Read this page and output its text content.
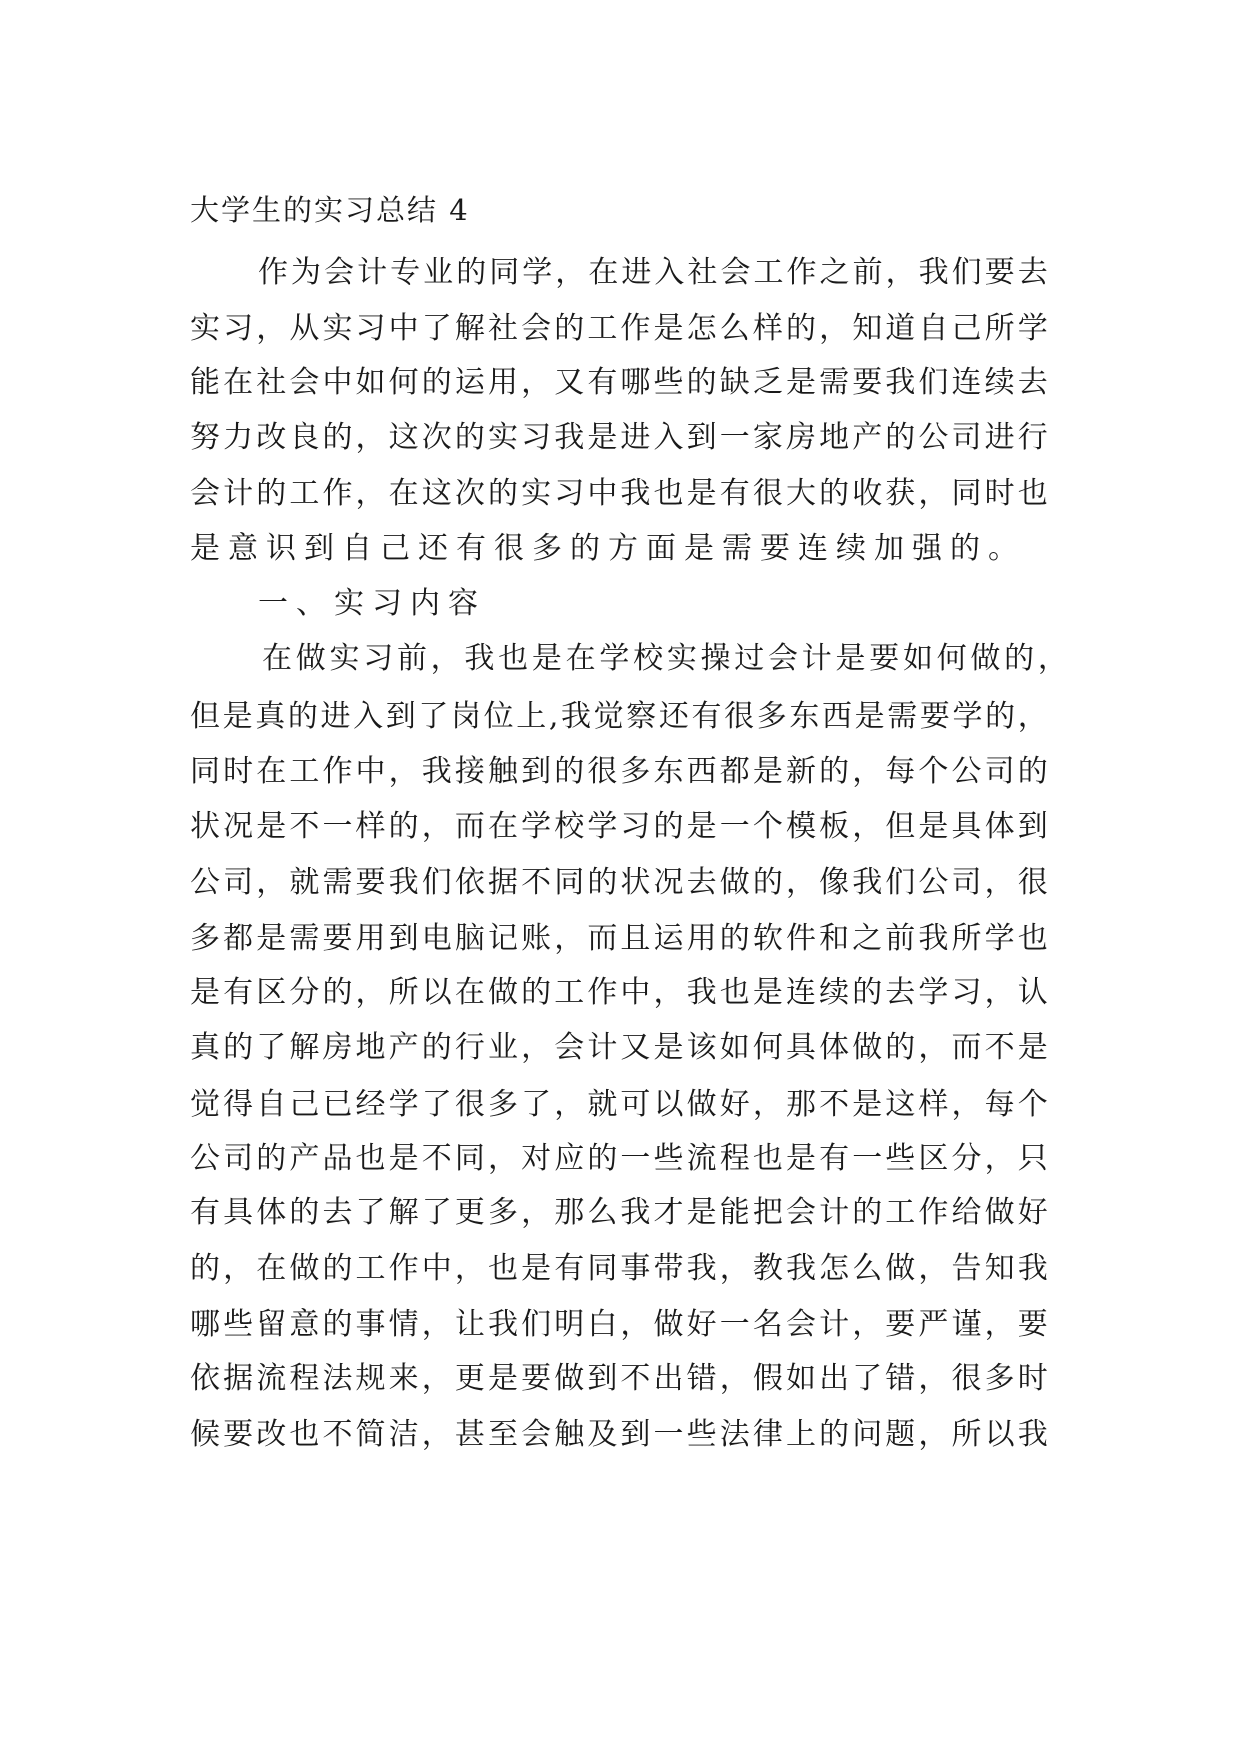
大学生的实习总结 4
作 为 会 计 专 业 的 同 学 ， 在 进 入 社 会 工 作 之 前 ， 我 们 要 去
实 习 ， 从 实 习 中 了 解 社 会 的 工 作 是 怎 么 样 的 ， 知 道 自 己 所 学
能 在 社 会 中 如 何 的 运 用 ， 又 有 哪 些 的 缺 乏 是 需 要 我 们 连 续 去
努 力 改 良 的 ， 这 次 的 实 习 我 是 进 入 到 一 家 房 地 产 的 公 司 进 行
会 计 的 工 作 ， 在 这 次 的 实 习 中 我 也 是 有 很 大 的 收 获 ， 同 时 也
是意识到自己还有很多的方面是需要连续加强的。
一、实习内容
在 做 实 习 前 ， 我 也 是 在 学 校 实 操 过 会 计 是 要 如 何 做 的 ，
但 是 真 的 进 入 到 了 岗 位 上 , 我 觉 察 还 有 很 多 东 西 是 需 要 学 的 ，
同 时 在 工 作 中 ， 我 接 触 到 的 很 多 东 西 都 是 新 的 ， 每 个 公 司 的
状 况 是 不 一 样 的 ， 而 在 学 校 学 习 的 是 一 个 模 板 ， 但 是 具 体 到
公 司 ， 就 需 要 我 们 依 据 不 同 的 状 况 去 做 的 ， 像 我 们 公 司 ， 很
多 都 是 需 要 用 到 电 脑 记 账 ， 而 且 运 用 的 软 件 和 之 前 我 所 学 也
是 有 区 分 的 ， 所 以 在 做 的 工 作 中 ， 我 也 是 连 续 的 去 学 习 ， 认
真 的 了 解 房 地 产 的 行 业 ， 会 计 又 是 该 如 何 具 体 做 的 ， 而 不 是
觉 得 自 己 已 经 学 了 很 多 了 ， 就 可 以 做 好 ， 那 不 是 这 样 ， 每 个
公 司 的 产 品 也 是 不 同 ， 对 应 的 一 些 流 程 也 是 有 一 些 区 分 ， 只
有 具 体 的 去 了 解 了 更 多 ， 那 么 我 才 是 能 把 会 计 的 工 作 给 做 好
的 ， 在 做 的 工 作 中 ， 也 是 有 同 事 带 我 ， 教 我 怎 么 做 ， 告 知 我
哪 些 留 意 的 事 情 ， 让 我 们 明 白 ， 做 好 一 名 会 计 ， 要 严 谨 ， 要
依 据 流 程 法 规 来 ， 更 是 要 做 到 不 出 错 ， 假 如 出 了 错 ， 很 多 时
候 要 改 也 不 简 洁 ， 甚 至 会 触 及 到 一 些 法 律 上 的 问 题 ， 所 以 我
